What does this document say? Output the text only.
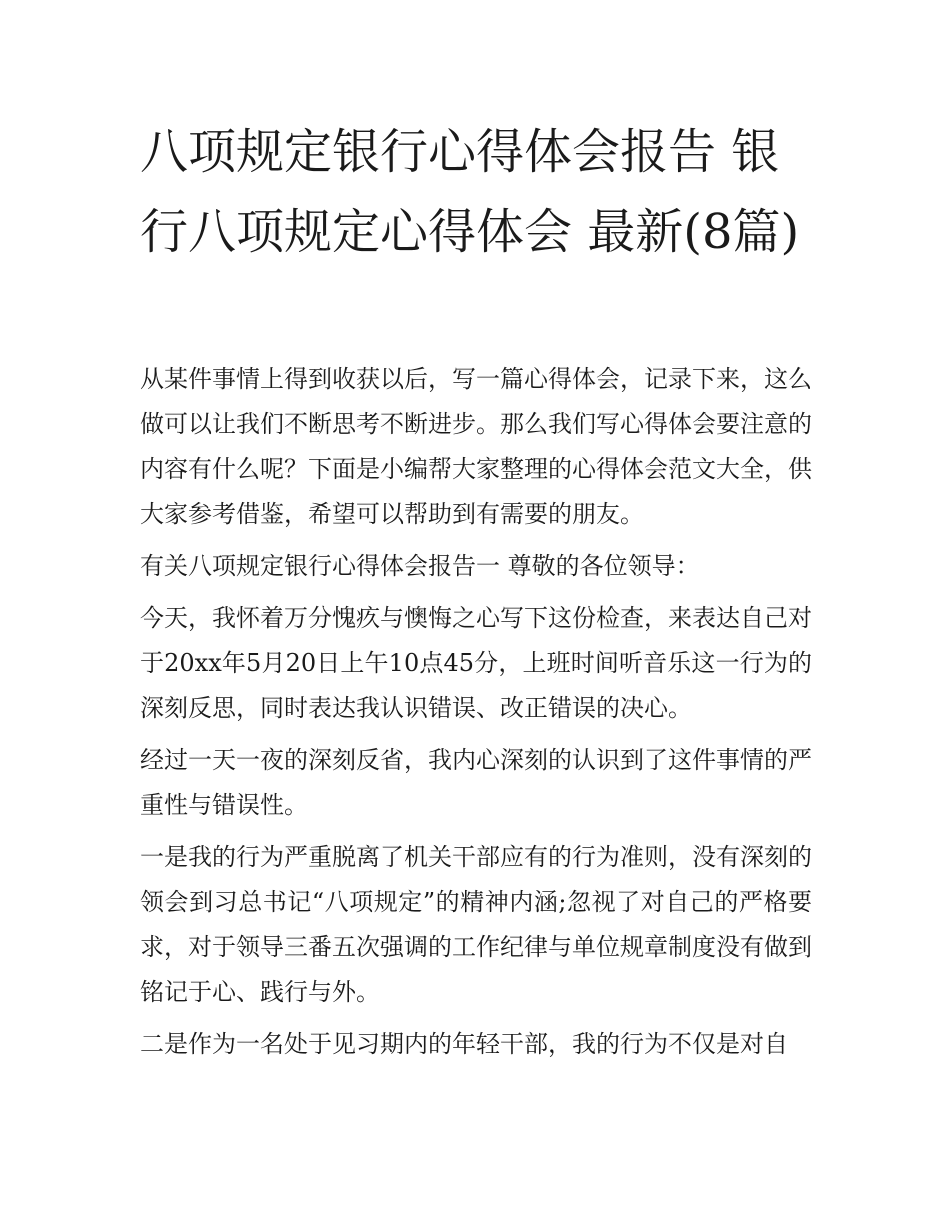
八项规定银行心得体会报告 银行八项规定心得体会 最新(8篇)

从某件事情上得到收获以后，写一篇心得体会，记录下来，这么做可以让我们不断思考不断进步。那么我们写心得体会要注意的内容有什么呢？下面是小编帮大家整理的心得体会范文大全，供大家参考借鉴，希望可以帮助到有需要的朋友。

有关八项规定银行心得体会报告一 尊敬的各位领导：

今天，我怀着万分愧疚与懊悔之心写下这份检查，来表达自己对于20xx年5月20日上午10点45分，上班时间听音乐这一行为的深刻反思，同时表达我认识错误、改正错误的决心。

经过一天一夜的深刻反省，我内心深刻的认识到了这件事情的严重性与错误性。

一是我的行为严重脱离了机关干部应有的行为准则，没有深刻的领会到习总书记“八项规定”的精神内涵;忽视了对自己的严格要求，对于领导三番五次强调的工作纪律与单位规章制度没有做到铭记于心、践行与外。

二是作为一名处于见习期内的年轻干部，我的行为不仅是对自
